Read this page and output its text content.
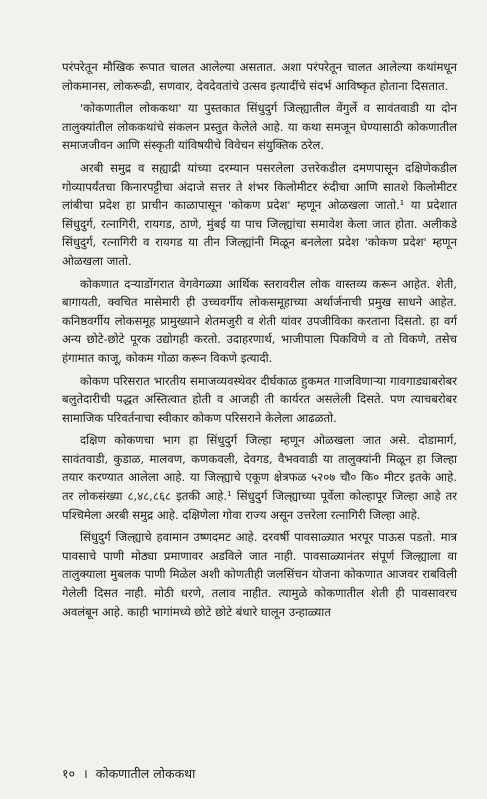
परंपरेतून मौखिक रूपात चालत आलेल्या असतात. अशा परंपरेतून चालत आलेल्या कथांमधून लोकमानस, लोकरूढी, सणवार, देवदेवतांचे उत्सव इत्यादींचे संदर्भ आविष्कृत होताना दिसतात.

'कोकणातील लोककथा' या पुस्तकात सिंधुदुर्ग जिल्ह्यातील वेंगुर्ले व सावंतवाडी या दोन तालुक्यांतील लोककथांचे संकलन प्रस्तुत केलेले आहे. या कथा समजून घेण्यासाठी कोकणातील समाजजीवन आणि संस्कृती यांविषयीचे विवेचन संयुक्तिक ठरेल.

अरबी समुद्र व सह्याद्री यांच्या दरम्यान पसरलेला उत्तरेकडील दमणपासून दक्षिणेकडील गोव्यापर्यंतचा किनारपट्टीचा अंदाजे सत्तर ते शंभर किलोमीटर रुंदीचा आणि सातशे किलोमीटर लांबीचा प्रदेश हा प्राचीन काळापासून 'कोकण प्रदेश' म्हणून ओळखला जातो.¹ या प्रदेशात सिंधुदुर्ग, रत्नागिरी, रायगड, ठाणे, मुंबई या पाच जिल्ह्यांचा समावेश केला जात होता. अलीकडे सिंधुदुर्ग, रत्नागिरी व रायगड या तीन जिल्ह्यांनी मिळून बनलेला प्रदेश 'कोकण प्रदेश' म्हणून ओळखला जातो.

कोकणात दऱ्याडोंगरात वेगवेगळ्या आर्थिक स्तरावरील लोक वास्तव्य करून आहेत. शेती, बागायती, क्वचित मासेमारी ही उच्चवर्गीय लोकसमूहाच्या अर्थार्जनाची प्रमुख साधने आहेत. कनिष्ठवर्गीय लोकसमूह प्रामुख्याने शेतमजुरी व शेती यांवर उपजीविका करताना दिसतो. हा वर्ग अन्य छोटे-छोटे पूरक उद्योगही करतो. उदाहरणार्थ, भाजीपाला पिकविणे व तो विकणे, तसेच हंगामात काजू, कोकम गोळा करून विकणे इत्यादी.

कोकण परिसरात भारतीय समाजव्यवस्थेवर दीर्घकाळ हुकमत गाजविणाऱ्या गावगाड्याबरोबर बलुतेदारीची पद्धत अस्तित्वात होती व आजही ती कार्यरत असलेली दिसते. पण त्याचबरोबर सामाजिक परिवर्तनाचा स्वीकार कोकण परिसराने केलेला आढळतो.

दक्षिण कोकणचा भाग हा सिंधुदुर्ग जिल्हा म्हणून ओळखला जात असे. दोडामार्ग, सावंतवाडी, कुडाळ, मालवण, कणकवली, देवगड, वैभववाडी या तालुक्यांनी मिळून हा जिल्हा तयार करण्यात आलेला आहे. या जिल्ह्याचे एकूण क्षेत्रफळ ५२०७ चौ० कि० मीटर इतके आहे. तर लोकसंख्या ८,४८,८६८ इतकी आहे.¹ सिंधुदुर्ग जिल्ह्याच्या पूर्वेला कोल्हापूर जिल्हा आहे तर पश्चिमेला अरबी समुद्र आहे. दक्षिणेला गोवा राज्य असून उत्तरेला रत्नागिरी जिल्हा आहे.

सिंधुदुर्ग जिल्ह्याचे हवामान उष्णदमट आहे. दरवर्षी पावसाळ्यात भरपूर पाऊस पडतो. मात्र पावसाचे पाणी मोठ्या प्रमाणावर अडविले जात नाही. पावसाळ्यानंतर संपूर्ण जिल्ह्याला वा तालुक्याला मुबलक पाणी मिळेल अशी कोणतीही जलसिंचन योजना कोकणात आजवर राबविली गेलेली दिसत नाही. मोठी धरणे, तलाव नाहीत. त्यामुळे कोकणातील शेती ही पावसावरच अवलंबून आहे. काही भागांमध्ये छोटे छोटे बंधारे घालून उन्हाळ्यात

१० । कोकणातील लोककथा
